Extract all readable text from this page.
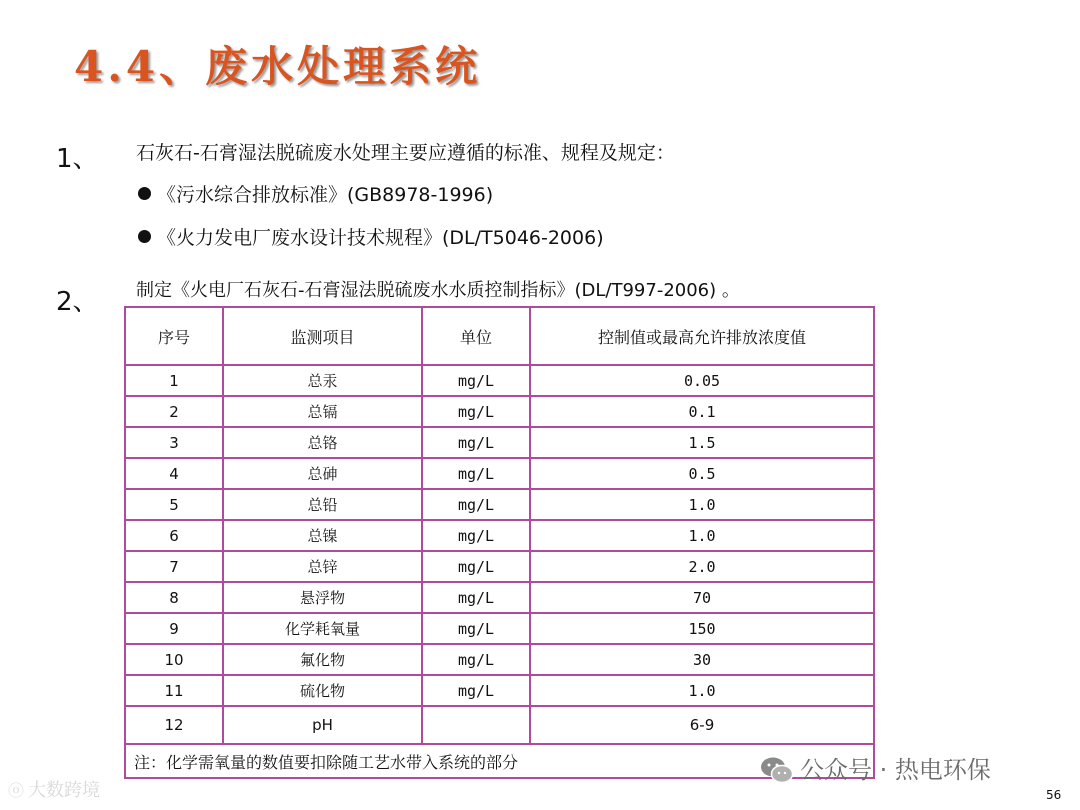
4.4、废水处理系统
1、 石灰石-石膏湿法脱硫废水处理主要应遵循的标准、规程及规定：
《污水综合排放标准》(GB8978-1996)
《火力发电厂废水设计技术规程》(DL/T5046-2006)
2、 制定《火电厂石灰石-石膏湿法脱硫废水水质控制指标》(DL/T997-2006) 。
序号	监测项目	单位	控制值或最高允许排放浓度值
1	总汞	mg/L	0.05
2	总镉	mg/L	0.1
3	总铬	mg/L	1.5
4	总砷	mg/L	0.5
5	总铅	mg/L	1.0
6	总镍	mg/L	1.0
7	总锌	mg/L	2.0
8	悬浮物	mg/L	70
9	化学耗氧量	mg/L	150
10	氟化物	mg/L	30
11	硫化物	mg/L	1.0
12	pH		6-9
注：化学需氧量的数值要扣除随工艺水带入系统的部分				公众号 · 热电环保
ⓞ 大数跨境	56
